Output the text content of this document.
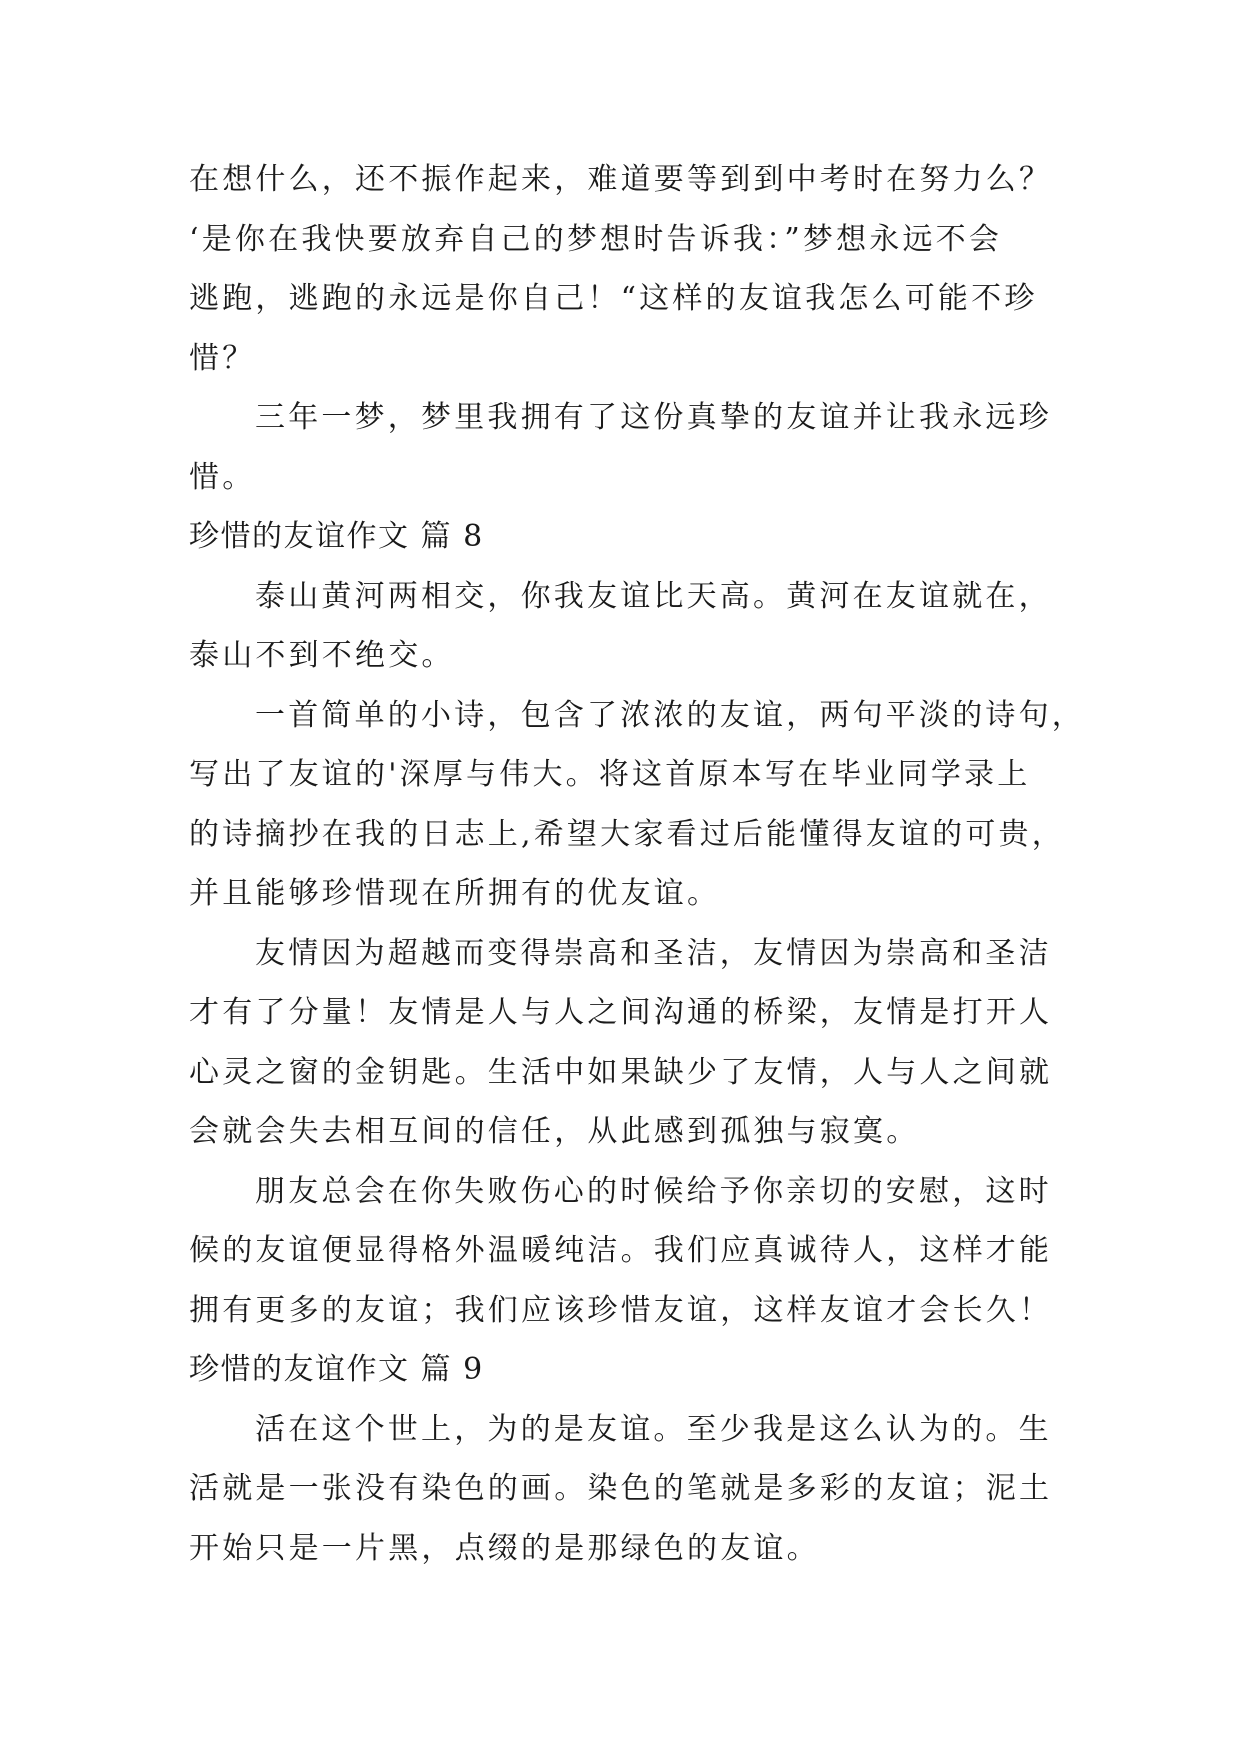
在想什么，还不振作起来，难道要等到到中考时在努力么？

‘是你在我快要放弃自己的梦想时告诉我：”梦想永远不会

逃跑，逃跑的永远是你自己！“这样的友谊我怎么可能不珍

惜？

三年一梦，梦里我拥有了这份真挚的友谊并让我永远珍

惜。

珍惜的友谊作文 篇 8

泰山黄河两相交，你我友谊比天高。黄河在友谊就在，

泰山不到不绝交。

一首简单的小诗，包含了浓浓的友谊，两句平淡的诗句，

写出了友谊的'深厚与伟大。将这首原本写在毕业同学录上

的诗摘抄在我的日志上,希望大家看过后能懂得友谊的可贵，

并且能够珍惜现在所拥有的优友谊。

友情因为超越而变得崇高和圣洁，友情因为崇高和圣洁

才有了分量！友情是人与人之间沟通的桥梁，友情是打开人

心灵之窗的金钥匙。生活中如果缺少了友情，人与人之间就

会就会失去相互间的信任，从此感到孤独与寂寞。

朋友总会在你失败伤心的时候给予你亲切的安慰，这时

候的友谊便显得格外温暖纯洁。我们应真诚待人，这样才能

拥有更多的友谊；我们应该珍惜友谊，这样友谊才会长久！

珍惜的友谊作文 篇 9

活在这个世上，为的是友谊。至少我是这么认为的。生

活就是一张没有染色的画。染色的笔就是多彩的友谊；泥土

开始只是一片黑，点缀的是那绿色的友谊。
